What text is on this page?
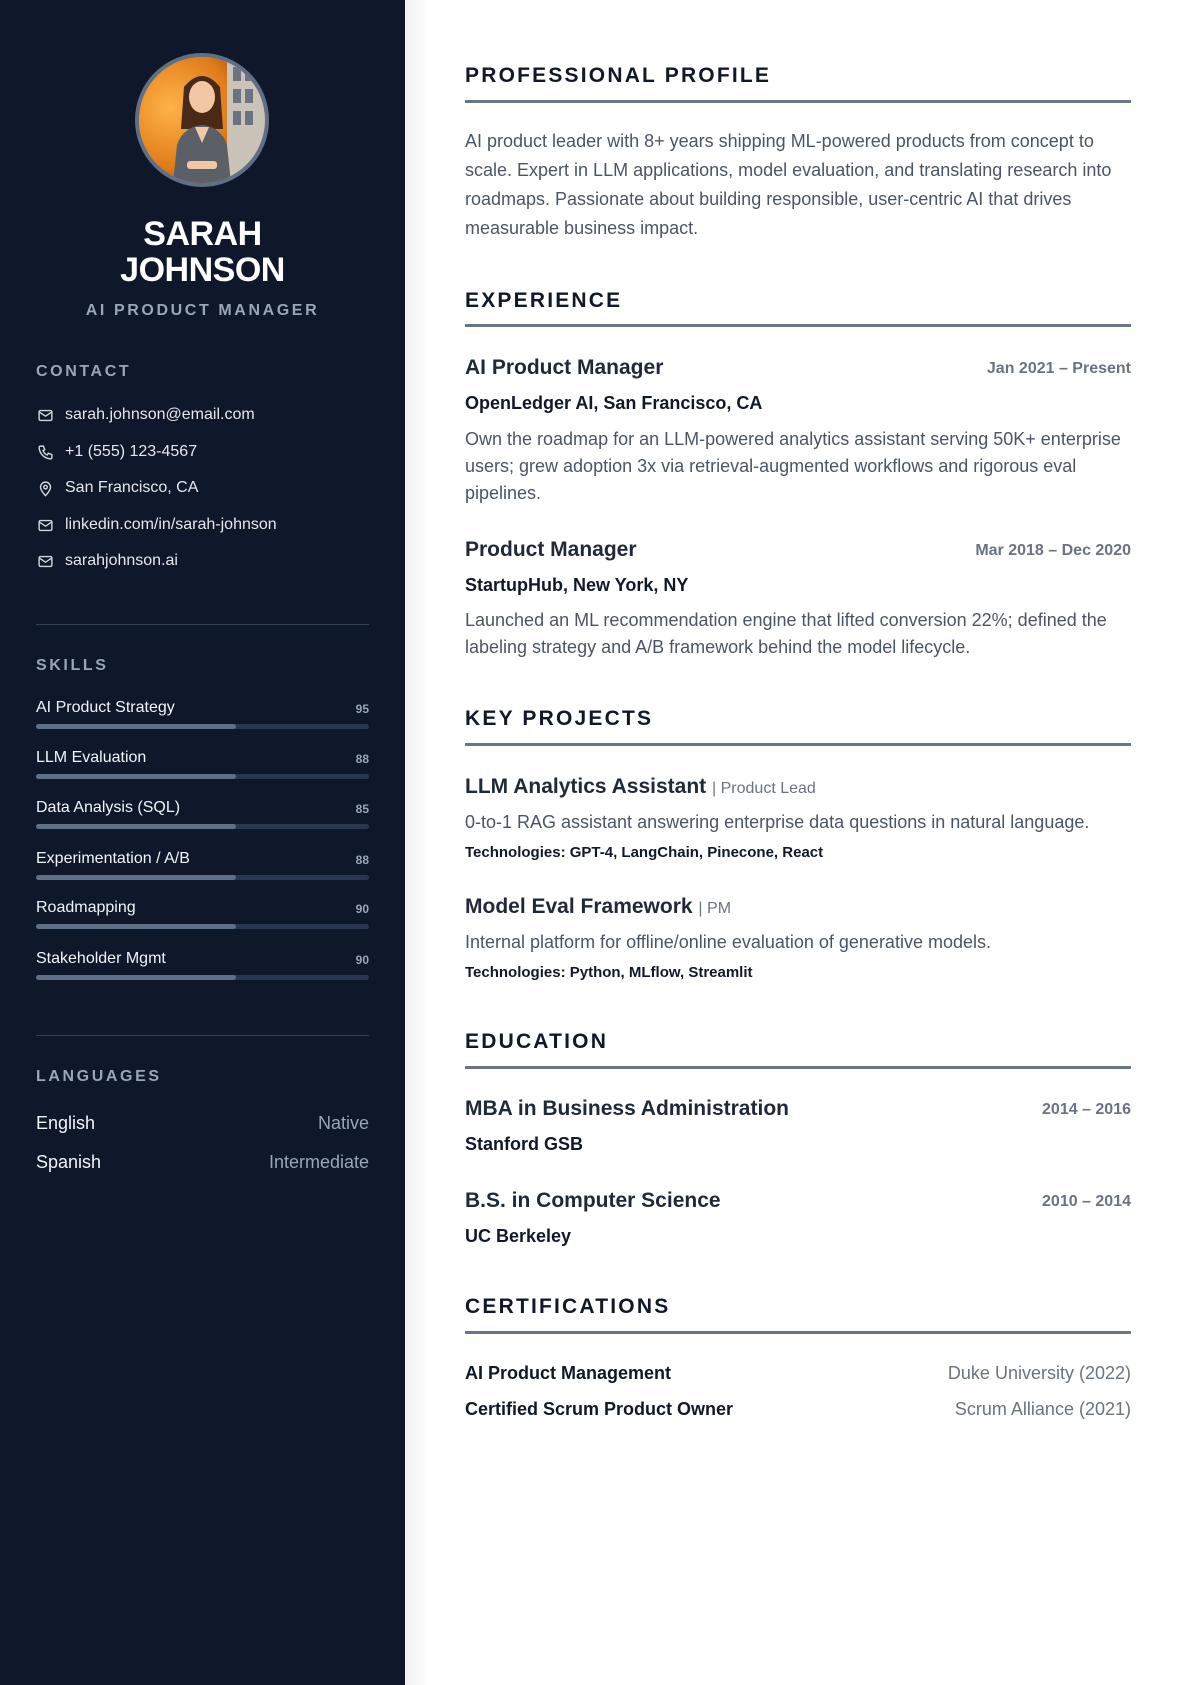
SARAH
JOHNSON
AI PRODUCT MANAGER
CONTACT
sarah.johnson@email.com
+1 (555) 123-4567
San Francisco, CA
linkedin.com/in/sarah-johnson
sarahjohnson.ai
SKILLS
AI Product Strategy	95
LLM Evaluation	88
Data Analysis (SQL)	85
Experimentation / A/B	88
Roadmapping	90
Stakeholder Mgmt	90
LANGUAGES
English	Native
Spanish	Intermediate
PROFESSIONAL PROFILE

AI product leader with 8+ years shipping ML-powered products from concept to scale. Expert in LLM applications, model evaluation, and translating research into roadmaps. Passionate about building responsible, user-centric AI that drives measurable business impact.

EXPERIENCE
AI Product Manager	Jan 2021 – Present
OpenLedger AI, San Francisco, CA
Own the roadmap for an LLM-powered analytics assistant serving 50K+ enterprise users; grew adoption 3x via retrieval-augmented workflows and rigorous eval pipelines.
Product Manager	Mar 2018 – Dec 2020
StartupHub, New York, NY
Launched an ML recommendation engine that lifted conversion 22%; defined the labeling strategy and A/B framework behind the model lifecycle.
KEY PROJECTS
LLM Analytics Assistant | Product Lead
0-to-1 RAG assistant answering enterprise data questions in natural language.
Technologies: GPT-4, LangChain, Pinecone, React
Model Eval Framework | PM
Internal platform for offline/online evaluation of generative models.
Technologies: Python, MLflow, Streamlit
EDUCATION
MBA in Business Administration	2014 – 2016
Stanford GSB
B.S. in Computer Science	2010 – 2014
UC Berkeley
CERTIFICATIONS
AI Product Management	Duke University (2022)
Certified Scrum Product Owner	Scrum Alliance (2021)
